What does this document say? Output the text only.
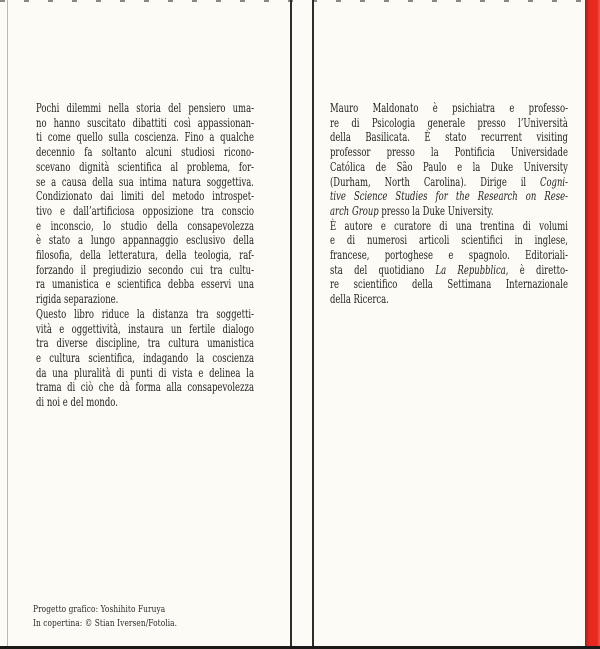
Pochi dilemmi nella storia del pensiero uma-
no hanno suscitato dibattiti così appassionan-
ti come quello sulla coscienza. Fino a qualche
decennio fa soltanto alcuni studiosi ricono-
scevano dignità scientifica al problema, for-
se a causa della sua intima natura soggettiva.
Condizionato dai limiti del metodo introspet-
tivo e dall’artificiosa opposizione tra conscio
e inconscio, lo studio della consapevolezza
è stato a lungo appannaggio esclusivo della
filosofia, della letteratura, della teologia, raf-
forzando il pregiudizio secondo cui tra cultu-
ra umanistica e scientifica debba esservi una
rigida separazione.
Questo libro riduce la distanza tra soggetti-
vità e oggettività, instaura un fertile dialogo
tra diverse discipline, tra cultura umanistica
e cultura scientifica, indagando la coscienza
da una pluralità di punti di vista e delinea la
trama di ciò che dà forma alla consapevolezza
di noi e del mondo.
Mauro Maldonato è psichiatra e professo-
re di Psicologia generale presso l’Università
della Basilicata. È stato recurrent visiting
professor presso la Pontificia Universidade
Católica de São Paulo e la Duke University
(Durham, North Carolina). Dirige il Cogni-
tive Science Studies for the Research on Rese-
arch Group presso la Duke University.
È autore e curatore di una trentina di volumi
e di numerosi articoli scientifici in inglese,
francese, portoghese e spagnolo. Editoriali-
sta del quotidiano La Repubblica, è diretto-
re scientifico della Settimana Internazionale
della Ricerca.
Progetto grafico: Yoshihito Furuya
In copertina: © Stian Iversen/Fotolia.
